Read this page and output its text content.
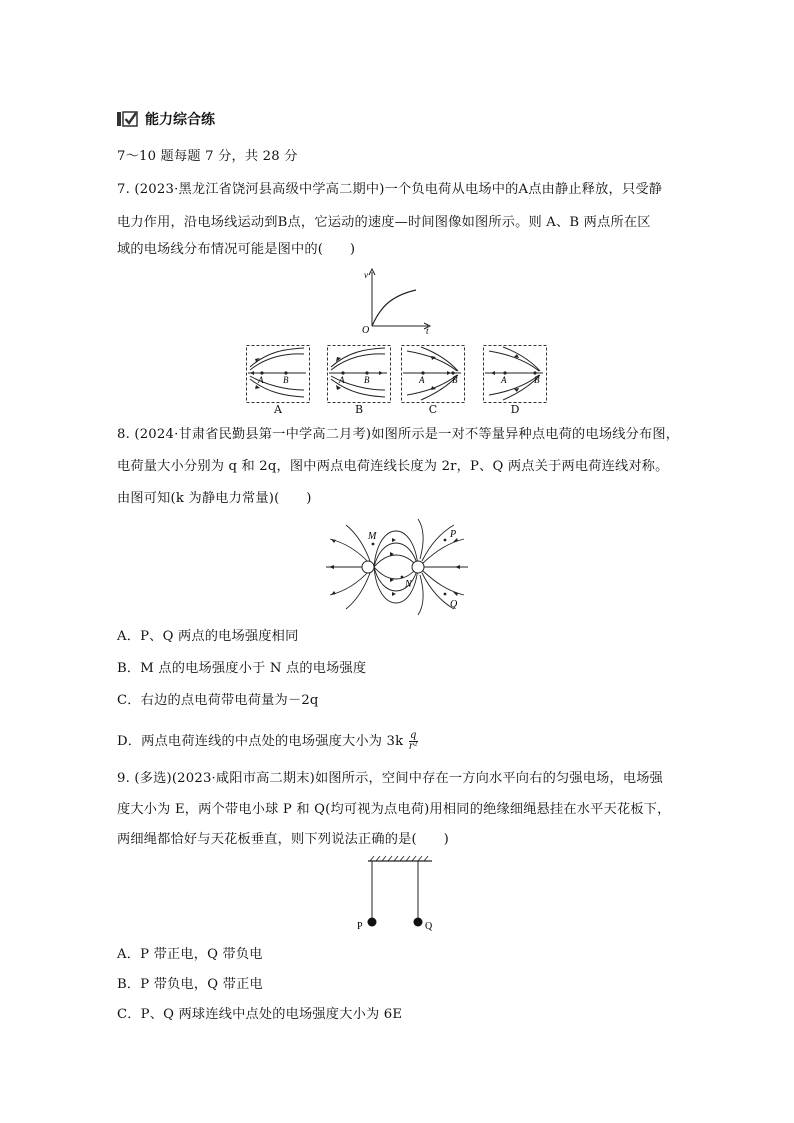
能力综合练
7～10 题每题 7 分，共 28 分
7. (2023·黑龙江省饶河县高级中学高二期中)一个负电荷从电场中的A点由静止释放，只受静
电力作用，沿电场线运动到B点，它运动的速度—时间图像如图所示。则 A、B 两点所在区
域的电场线分布情况可能是图中的(　　)
v
O	t
A B
A
A B
B
A	B
C
A	B
D
8. (2024·甘肃省民勤县第一中学高二月考)如图所示是一对不等量异种点电荷的电场线分布图，
电荷量大小分别为 q 和 2q，图中两点电荷连线长度为 2r，P、Q 两点关于两电荷连线对称。
由图可知(k 为静电力常量)(　　)
M
N
P
Q
A．P、Q 两点的电场强度相同
B．M 点的电场强度小于 N 点的电场强度
C．右边的点电荷带电荷量为－2q
D．两点电荷连线的中点处的电场强度大小为 $3k \frac{q}{\text{r²}}$
9. (多选)(2023·咸阳市高二期末)如图所示，空间中存在一方向水平向右的匀强电场，电场强
度大小为 E，两个带电小球 P 和 Q(均可视为点电荷)用相同的绝缘细绳悬挂在水平天花板下，
两细绳都恰好与天花板垂直，则下列说法正确的是(　　)
P	Q
A．P 带正电，Q 带负电
B．P 带负电，Q 带正电
C．P、Q 两球连线中点处的电场强度大小为 6E
